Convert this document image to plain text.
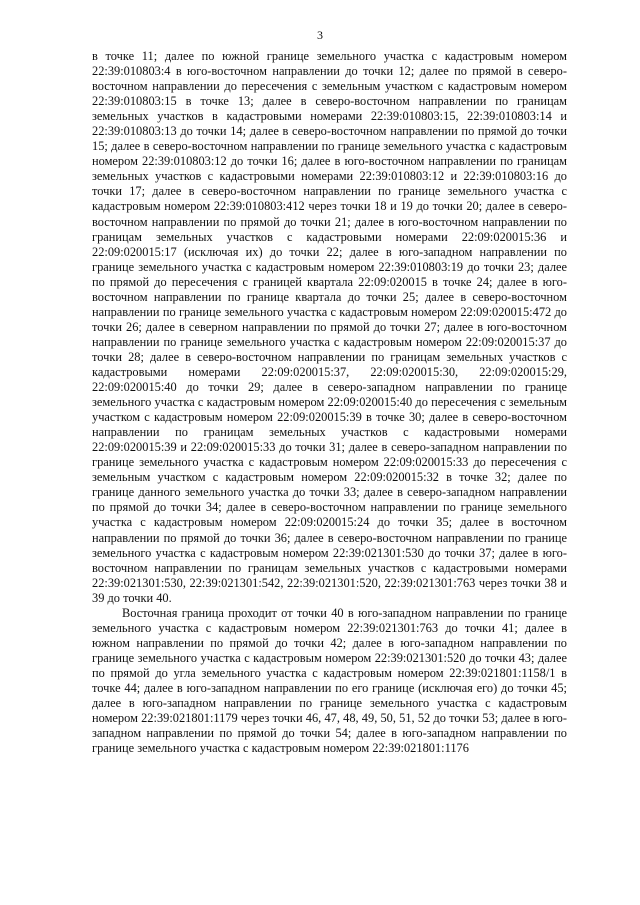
3

в точке 11; далее по южной границе земельного участка с кадастровым номером 22:39:010803:4 в юго-восточном направлении до точки 12; далее по прямой в северо-восточном направлении до пересечения с земельным участком с кадастровым номером 22:39:010803:15 в точке 13; далее в северо-восточном направлении по границам земельных участков в кадастровыми номерами 22:39:010803:15, 22:39:010803:14 и 22:39:010803:13 до точки 14; далее в северо-восточном направлении по прямой до точки 15; далее в северо-восточном направлении по границе земельного участка с кадастровым номером 22:39:010803:12 до точки 16; далее в юго-восточном направлении по границам земельных участков с кадастровыми номерами 22:39:010803:12 и 22:39:010803:16 до точки 17; далее в северо-восточном направлении по границе земельного участка с кадастровым номером 22:39:010803:412 через точки 18 и 19 до точки 20; далее в северо-восточном направлении по прямой до точки 21; далее в юго-восточном направлении по границам земельных участков с кадастровыми номерами 22:09:020015:36 и 22:09:020015:17 (исключая их) до точки 22; далее в юго-западном направлении по границе земельного участка с кадастровым номером 22:39:010803:19 до точки 23; далее по прямой до пересечения с границей квартала 22:09:020015 в точке 24; далее в юго-восточном направлении по границе квартала до точки 25; далее в северо-восточном направлении по границе земельного участка с кадастровым номером 22:09:020015:472 до точки 26; далее в северном направлении по прямой до точки 27; далее в юго-восточном направлении по границе земельного участка с кадастровым номером 22:09:020015:37 до точки 28; далее в северо-восточном направлении по границам земельных участков с кадастровыми номерами 22:09:020015:37, 22:09:020015:30, 22:09:020015:29, 22:09:020015:40 до точки 29; далее в северо-западном направлении по границе земельного участка с кадастровым номером 22:09:020015:40 до пересечения с земельным участком с кадастровым номером 22:09:020015:39 в точке 30; далее в северо-восточном направлении по границам земельных участков с кадастровыми номерами 22:09:020015:39 и 22:09:020015:33 до точки 31; далее в северо-западном направлении по границе земельного участка с кадастровым номером 22:09:020015:33 до пересечения с земельным участком с кадастровым номером 22:09:020015:32 в точке 32; далее по границе данного земельного участка до точки 33; далее в северо-западном направлении по прямой до точки 34; далее в северо-восточном направлении по границе земельного участка с кадастровым номером 22:09:020015:24 до точки 35; далее в восточном направлении по прямой до точки 36; далее в северо-восточном направлении по границе земельного участка с кадастровым номером 22:39:021301:530 до точки 37; далее в юго-восточном направлении по границам земельных участков с кадастровыми номерами 22:39:021301:530, 22:39:021301:542, 22:39:021301:520, 22:39:021301:763 через точки 38 и 39 до точки 40.

Восточная граница проходит от точки 40 в юго-западном направлении по границе земельного участка с кадастровым номером 22:39:021301:763 до точки 41; далее в южном направлении по прямой до точки 42; далее в юго-западном направлении по границе земельного участка с кадастровым номером 22:39:021301:520 до точки 43; далее по прямой до угла земельного участка с кадастровым номером 22:39:021801:1158/1 в точке 44; далее в юго-западном направлении по его границе (исключая его) до точки 45; далее в юго-западном направлении по границе земельного участка с кадастровым номером 22:39:021801:1179 через точки 46, 47, 48, 49, 50, 51, 52 до точки 53; далее в юго-западном направлении по прямой до точки 54; далее в юго-западном направлении по границе земельного участка с кадастровым номером 22:39:021801:1176
